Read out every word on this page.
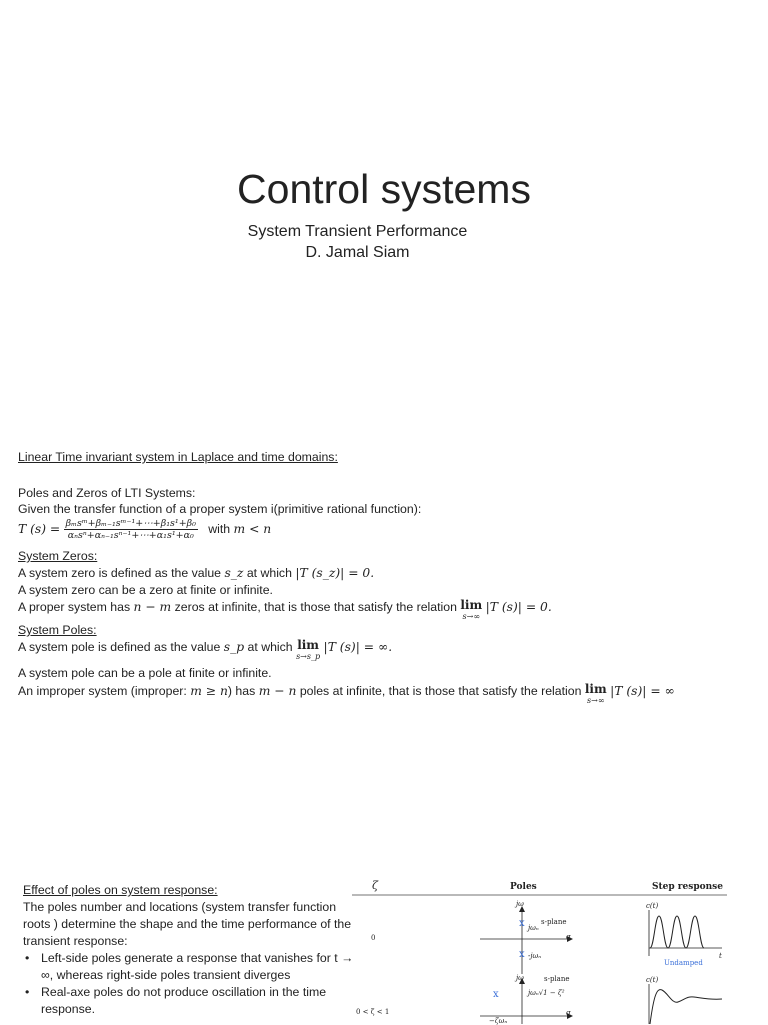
Control systems
System Transient Performance
D. Jamal Siam
Linear Time invariant system in Laplace and time domains:
Poles and Zeros of LTI Systems:
Given the transfer function of a proper system i(primitive rational function):
T $(s) = \frac{\text{βₘsᵐ+βₘ₋₁sᵐ⁻¹+⋯+β₁s¹+β₀}}{\text{αₙsⁿ+αₙ₋₁sⁿ⁻¹+⋯+α₁s¹+α₀}}$ with m < n
System Zeros:
A system zero is defined as the value s_z at which |T (s_z)| = 0.
A system zero can be a zero at finite or infinite.
A proper system has n − m zeros at infinite, that is those that satisfy the relation lim
s→∞
|T (s)| = 0.
System Poles:
A system pole is defined as the value s_p at which lim
s→s_p
|T (s)| = ∞.
A system pole can be a pole at finite or infinite.
An improper system (improper: m ≥ n) has m − n poles at infinite, that is those that satisfy the relation lim
s→∞
|T (s)| = ∞
Effect of poles on system response:
The poles number and locations (system transfer function roots ) determine the shape and the time performance of the transient response:
• Left-side poles generate a response that vanishes for t → ∞, whereas right-side poles transient diverges
• Real-axe poles do not produce oscillation in the time response.
ζ	Poles	Step response
x
x
x
0
0 < ζ < 1
jω
s-plane
jωₙ
σ
-jωₙ
c(t)
t
Undamped
jω	s-plane
jωₙ√1 − ζ²
σ
−ζωₙ
c(t)
